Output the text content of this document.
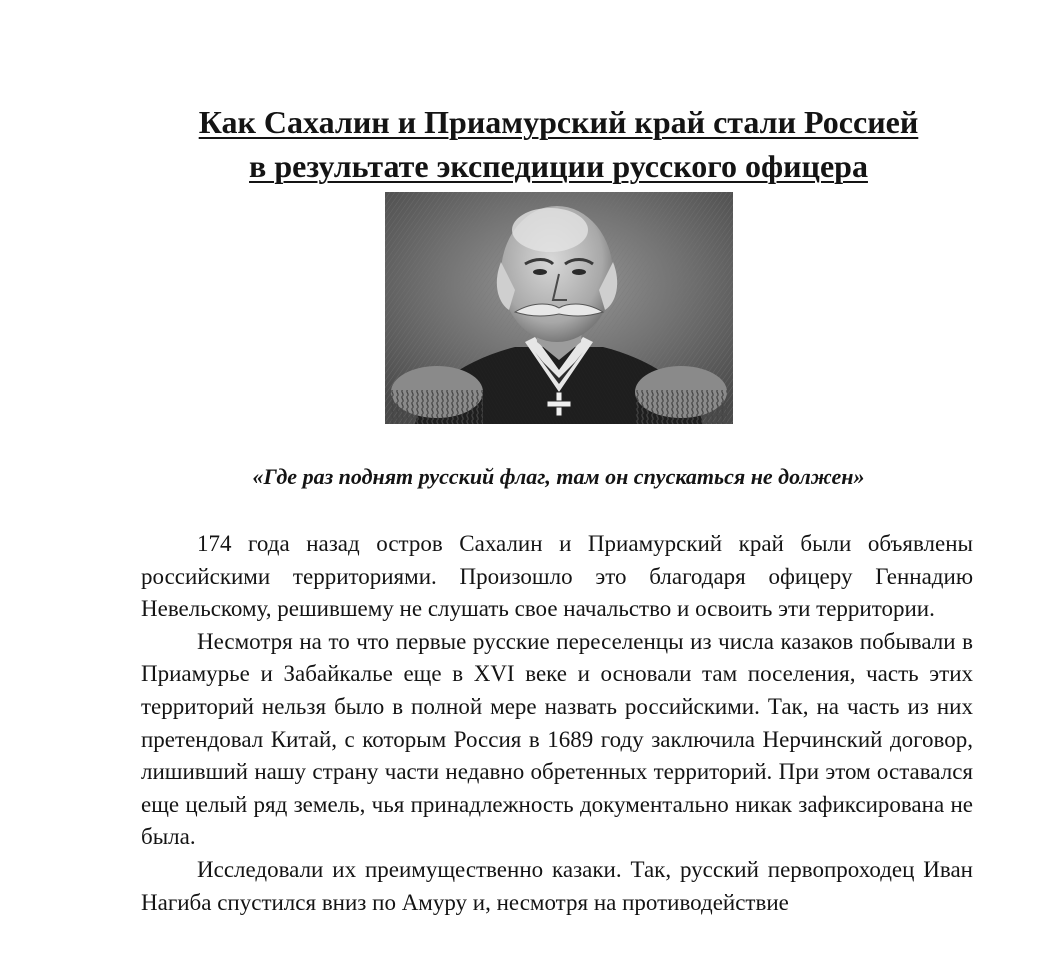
Как Сахалин и Приамурский край стали Россией
в результате экспедиции русского офицера

«Где раз поднят русский флаг, там он спускаться не должен»

174 года назад остров Сахалин и Приамурский край были объявлены российскими территориями. Произошло это благодаря офицеру Геннадию Невельскому, решившему не слушать свое начальство и освоить эти территории.

Несмотря на то что первые русские переселенцы из числа казаков побывали в Приамурье и Забайкалье еще в XVI веке и основали там поселения, часть этих территорий нельзя было в полной мере назвать российскими. Так, на часть из них претендовал Китай, с которым Россия в 1689 году заключила Нерчинский договор, лишивший нашу страну части недавно обретенных территорий. При этом оставался еще целый ряд земель, чья принадлежность документально никак зафиксирована не была.

Исследовали их преимущественно казаки. Так, русский первопроходец Иван Нагиба спустился вниз по Амуру и, несмотря на противодействие
